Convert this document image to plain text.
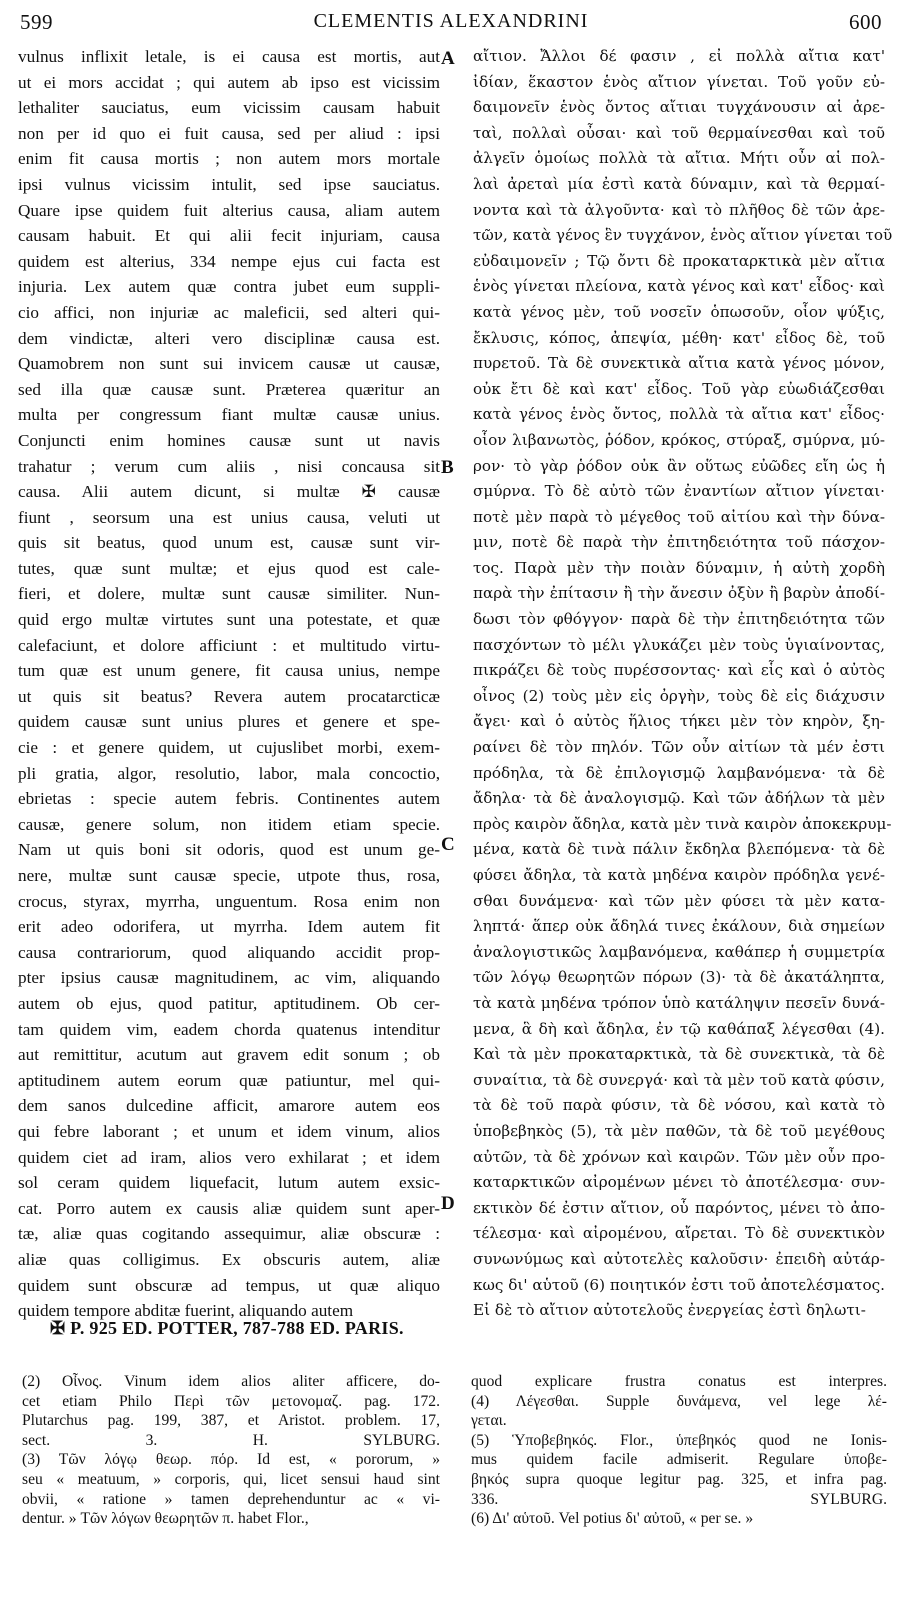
599	CLEMENTIS ALEXANDRINI	600
vulnus inflixit letale, is ei causa est mortis, aut
ut ei mors accidat ; qui autem ab ipso est vicissim
lethaliter sauciatus, eum vicissim causam habuit
non per id quo ei fuit causa, sed per aliud : ipsi
enim fit causa mortis ; non autem mors mortale
ipsi vulnus vicissim intulit, sed ipse sauciatus.
Quare ipse quidem fuit alterius causa, aliam autem
causam habuit. Et qui alii fecit injuriam, causa
quidem est alterius, 334 nempe ejus cui facta est
injuria. Lex autem quæ contra jubet eum suppli-
cio affici, non injuriæ ac maleficii, sed alteri qui-
dem vindictæ, alteri vero disciplinæ causa est.
Quamobrem non sunt sui invicem causæ ut causæ,
sed illa quæ causæ sunt. Præterea quæritur an
multa per congressum fiant multæ causæ unius.
Conjuncti enim homines causæ sunt ut navis
trahatur ; verum cum aliis , nisi concausa sit
causa. Alii autem dicunt, si multæ ✠ causæ
fiunt , seorsum una est unius causa, veluti ut
quis sit beatus, quod unum est, causæ sunt vir-
tutes, quæ sunt multæ; et ejus quod est cale-
fieri, et dolere, multæ sunt causæ similiter. Nun-
quid ergo multæ virtutes sunt una potestate, et quæ
calefaciunt, et dolore afficiunt : et multitudo virtu-
tum quæ est unum genere, fit causa unius, nempe
ut quis sit beatus? Revera autem procatarcticæ
quidem causæ sunt unius plures et genere et spe-
cie : et genere quidem, ut cujuslibet morbi, exem-
pli gratia, algor, resolutio, labor, mala concoctio,
ebrietas : specie autem febris. Continentes autem
causæ, genere solum, non itidem etiam specie.
Nam ut quis boni sit odoris, quod est unum ge-
nere, multæ sunt causæ specie, utpote thus, rosa,
crocus, styrax, myrrha, unguentum. Rosa enim non
erit adeo odorifera, ut myrrha. Idem autem fit
causa contrariorum, quod aliquando accidit prop-
pter ipsius causæ magnitudinem, ac vim, aliquando
autem ob ejus, quod patitur, aptitudinem. Ob cer-
tam quidem vim, eadem chorda quatenus intenditur
aut remittitur, acutum aut gravem edit sonum ; ob
aptitudinem autem eorum quæ patiuntur, mel qui-
dem sanos dulcedine afficit, amarore autem eos
qui febre laborant ; et unum et idem vinum, alios
quidem ciet ad iram, alios vero exhilarat ; et idem
sol ceram quidem liquefacit, lutum autem exsic-
cat. Porro autem ex causis aliæ quidem sunt aper-
tæ, aliæ quas cogitando assequimur, aliæ obscuræ :
aliæ quas colligimus. Ex obscuris autem, aliæ
quidem sunt obscuræ ad tempus, ut quæ aliquo
quidem tempore abditæ fuerint, aliquando autem
αἴτιον. Ἄλλοι δέ φασιν , εἰ πολλὰ αἴτια κατ'
ἰδίαν, ἕκαστον ἑνὸς αἴτιον γίνεται. Τοῦ γοῦν εὐ-
δαιμονεῖν ἑνὸς ὄντος αἴτιαι τυγχάνουσιν αἱ ἀρε-
ταὶ, πολλαὶ οὖσαι· καὶ τοῦ θερμαίνεσθαι καὶ τοῦ
ἀλγεῖν ὁμοίως πολλὰ τὰ αἴτια. Μήτι οὖν αἱ πολ-
λαὶ ἀρεταὶ μία ἐστὶ κατὰ δύναμιν, καὶ τὰ θερμαί-
νοντα καὶ τὰ ἀλγοῦντα· καὶ τὸ πλῆθος δὲ τῶν ἀρε-
τῶν, κατὰ γένος ἓν τυγχάνον, ἑνὸς αἴτιον γίνεται τοῦ
εὐδαιμονεῖν ; Τῷ ὄντι δὲ προκαταρκτικὰ μὲν αἴτια
ἑνὸς γίνεται πλείονα, κατὰ γένος καὶ κατ' εἶδος· καὶ
κατὰ γένος μὲν, τοῦ νοσεῖν ὁπωσοῦν, οἷον ψύξις,
ἔκλυσις, κόπος, ἀπεψία, μέθη· κατ' εἶδος δὲ, τοῦ
πυρετοῦ. Τὰ δὲ συνεκτικὰ αἴτια κατὰ γένος μόνον,
οὐκ ἔτι δὲ καὶ κατ' εἶδος. Τοῦ γὰρ εὐωδιάζεσθαι
κατὰ γένος ἑνὸς ὄντος, πολλὰ τὰ αἴτια κατ' εἶδος·
οἷον λιβανωτὸς, ῥόδον, κρόκος, στύραξ, σμύρνα, μύ-
ρον· τὸ γὰρ ῥόδον οὐκ ἂν οὕτως εὐῶδες εἴη ὡς ἡ
σμύρνα. Τὸ δὲ αὐτὸ τῶν ἐναντίων αἴτιον γίνεται·
ποτὲ μὲν παρὰ τὸ μέγεθος τοῦ αἰτίου καὶ τὴν δύνα-
μιν, ποτὲ δὲ παρὰ τὴν ἐπιτηδειότητα τοῦ πάσχον-
τος. Παρὰ μὲν τὴν ποιὰν δύναμιν, ἡ αὐτὴ χορδὴ
παρὰ τὴν ἐπίτασιν ἢ τὴν ἄνεσιν ὀξὺν ἢ βαρὺν ἀποδί-
δωσι τὸν φθόγγον· παρὰ δὲ τὴν ἐπιτηδειότητα τῶν
πασχόντων τὸ μέλι γλυκάζει μὲν τοὺς ὑγιαίνοντας,
πικράζει δὲ τοὺς πυρέσσοντας· καὶ εἷς καὶ ὁ αὐτὸς
οἶνος (2) τοὺς μὲν εἰς ὀργὴν, τοὺς δὲ εἰς διάχυσιν
ἄγει· καὶ ὁ αὐτὸς ἥλιος τήκει μὲν τὸν κηρὸν, ξη-
ραίνει δὲ τὸν πηλόν. Τῶν οὖν αἰτίων τὰ μέν ἐστι
πρόδηλα, τὰ δὲ ἐπιλογισμῷ λαμβανόμενα· τὰ δὲ
ἄδηλα· τὰ δὲ ἀναλογισμῷ. Καὶ τῶν ἀδήλων τὰ μὲν
πρὸς καιρὸν ἄδηλα, κατὰ μὲν τινὰ καιρὸν ἀποκεκρυμ-
μένα, κατὰ δὲ τινὰ πάλιν ἔκδηλα βλεπόμενα· τὰ δὲ
φύσει ἄδηλα, τὰ κατὰ μηδένα καιρὸν πρόδηλα γενέ-
σθαι δυνάμενα· καὶ τῶν μὲν φύσει τὰ μὲν κατα-
ληπτά· ἅπερ οὐκ ἄδηλά τινες ἐκάλουν, διὰ σημείων
ἀναλογιστικῶς λαμβανόμενα, καθάπερ ἡ συμμετρία
τῶν λόγῳ θεωρητῶν πόρων (3)· τὰ δὲ ἀκατάληπτα,
τὰ κατὰ μηδένα τρόπον ὑπὸ κατάληψιν πεσεῖν δυνά-
μενα, ἃ δὴ καὶ ἄδηλα, ἐν τῷ καθάπαξ λέγεσθαι (4).
Καὶ τὰ μὲν προκαταρκτικὰ, τὰ δὲ συνεκτικὰ, τὰ δὲ
συναίτια, τὰ δὲ συνεργά· καὶ τὰ μὲν τοῦ κατὰ φύσιν,
τὰ δὲ τοῦ παρὰ φύσιν, τὰ δὲ νόσου, καὶ κατὰ τὸ
ὑποβεβηκὸς (5), τὰ μὲν παθῶν, τὰ δὲ τοῦ μεγέθους
αὐτῶν, τὰ δὲ χρόνων καὶ καιρῶν. Τῶν μὲν οὖν προ-
καταρκτικῶν αἰρομένων μένει τὸ ἀποτέλεσμα· συν-
εκτικὸν δέ ἐστιν αἴτιον, οὗ παρόντος, μένει τὸ ἀπο-
τέλεσμα· καὶ αἰρομένου, αἴρεται. Τὸ δὲ συνεκτικὸν
συνωνύμως καὶ αὐτοτελὲς καλοῦσιν· ἐπειδὴ αὐτάρ-
κως δι' αὑτοῦ (6) ποιητικόν ἐστι τοῦ ἀποτελέσματος.
Εἰ δὲ τὸ αἴτιον αὐτοτελοῦς ἐνεργείας ἐστὶ δηλωτι-
A
B
C
D
✠ P. 925 ED. POTTER, 787-788 ED. PARIS.
(2) Οἶνος. Vinum idem alios aliter afficere, do-
cet etiam Philo Περὶ τῶν μετονομαζ. pag. 172.
Plutarchus pag. 199, 387, et Aristot. problem. 17,
sect. 3. H. SYLBURG.
(3) Τῶν λόγῳ θεωρ. πόρ. Id est, « pororum, »
seu « meatuum, » corporis, qui, licet sensui haud sint
obvii, « ratione » tamen deprehenduntur ac « vi-
dentur. » Τῶν λόγων θεωρητῶν π. habet Flor.,
quod explicare frustra conatus est interpres.
(4) Λέγεσθαι. Supple δυνάμενα, vel lege λέ-
γεται.
(5) Ὑποβεβηκός. Flor., ὑπεβηκός quod ne Ionis-
mus quidem facile admiserit. Regulare ὑποβε-
βηκός supra quoque legitur pag. 325, et infra pag.
336. SYLBURG.
(6) Δι' αὑτοῦ. Vel potius δι' αὐτοῦ, « per se. »
